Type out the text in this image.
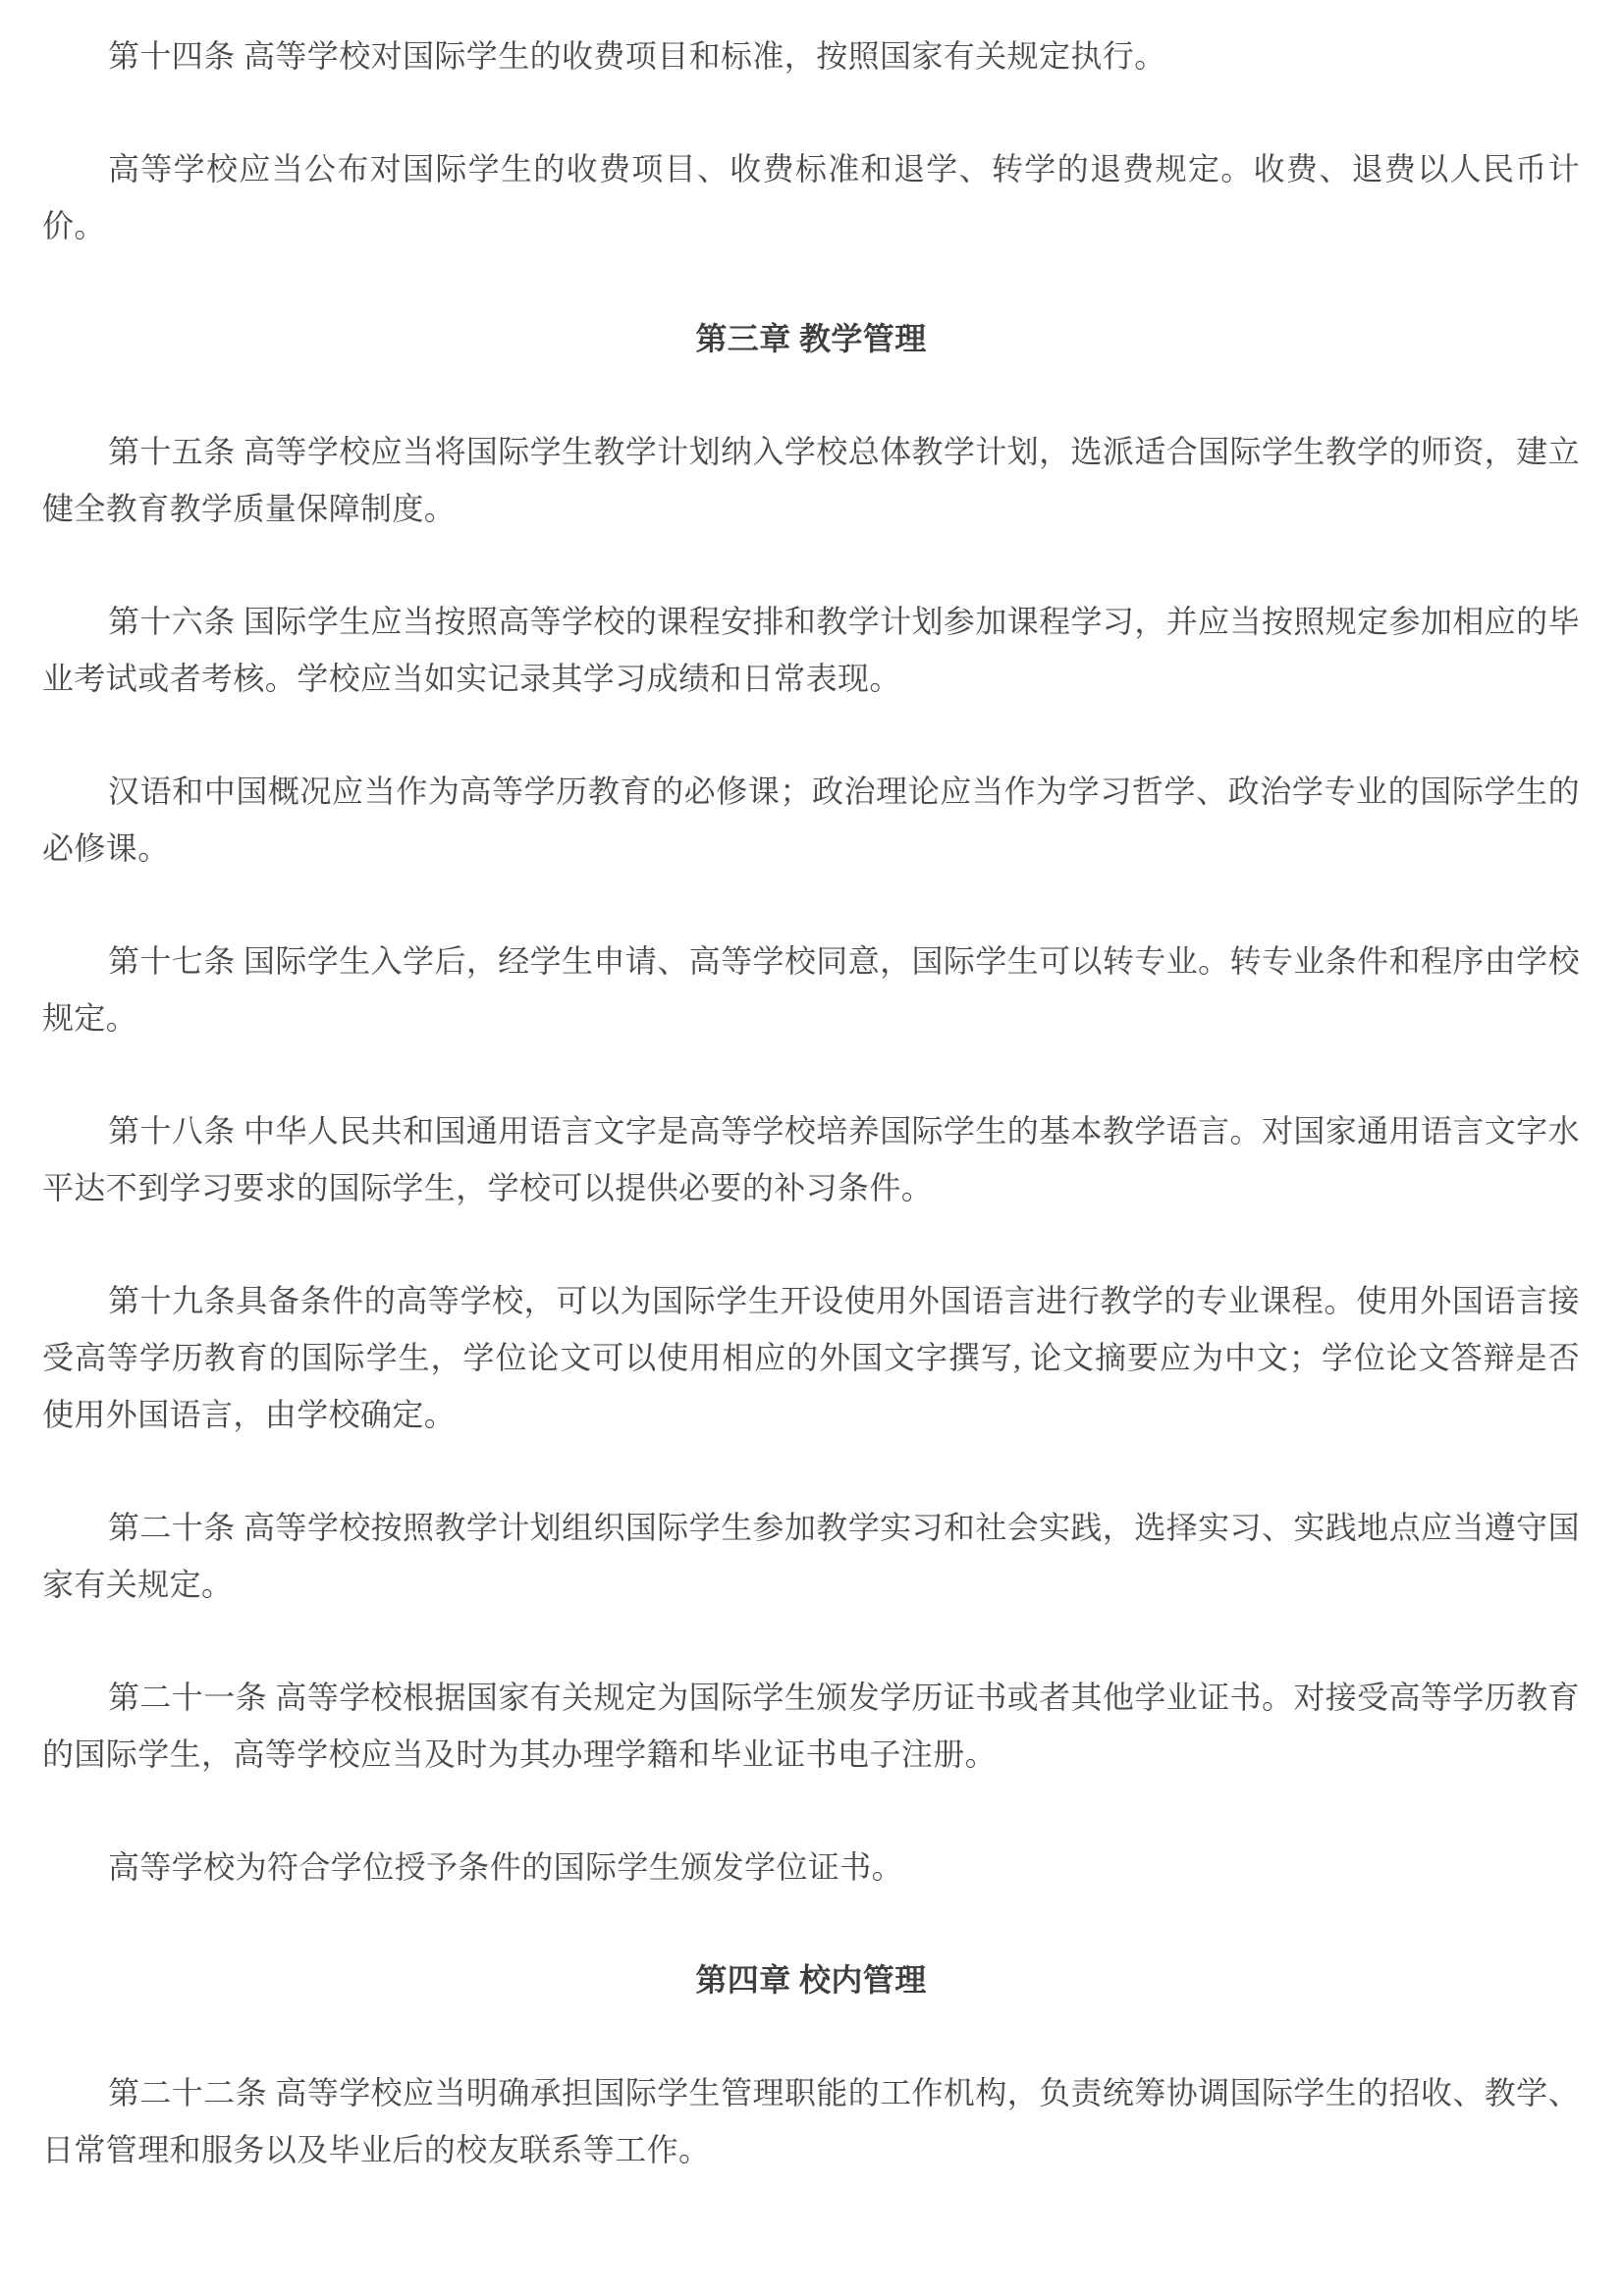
第十四条 高等学校对国际学生的收费项目和标准，按照国家有关规定执行。

高等学校应当公布对国际学生的收费项目、收费标准和退学、转学的退费规定。收费、退费以人民币计价。

第三章 教学管理

第十五条 高等学校应当将国际学生教学计划纳入学校总体教学计划，选派适合国际学生教学的师资，建立健全教育教学质量保障制度。

第十六条 国际学生应当按照高等学校的课程安排和教学计划参加课程学习，并应当按照规定参加相应的毕业考试或者考核。学校应当如实记录其学习成绩和日常表现。

汉语和中国概况应当作为高等学历教育的必修课；政治理论应当作为学习哲学、政治学专业的国际学生的必修课。

第十七条 国际学生入学后，经学生申请、高等学校同意，国际学生可以转专业。转专业条件和程序由学校规定。

第十八条 中华人民共和国通用语言文字是高等学校培养国际学生的基本教学语言。对国家通用语言文字水平达不到学习要求的国际学生，学校可以提供必要的补习条件。

第十九条具备条件的高等学校，可以为国际学生开设使用外国语言进行教学的专业课程。使用外国语言接受高等学历教育的国际学生，学位论文可以使用相应的外国文字撰写, 论文摘要应为中文；学位论文答辩是否使用外国语言，由学校确定。

第二十条 高等学校按照教学计划组织国际学生参加教学实习和社会实践，选择实习、实践地点应当遵守国家有关规定。

第二十一条 高等学校根据国家有关规定为国际学生颁发学历证书或者其他学业证书。对接受高等学历教育的国际学生，高等学校应当及时为其办理学籍和毕业证书电子注册。

高等学校为符合学位授予条件的国际学生颁发学位证书。

第四章 校内管理

第二十二条 高等学校应当明确承担国际学生管理职能的工作机构，负责统筹协调国际学生的招收、教学、日常管理和服务以及毕业后的校友联系等工作。
